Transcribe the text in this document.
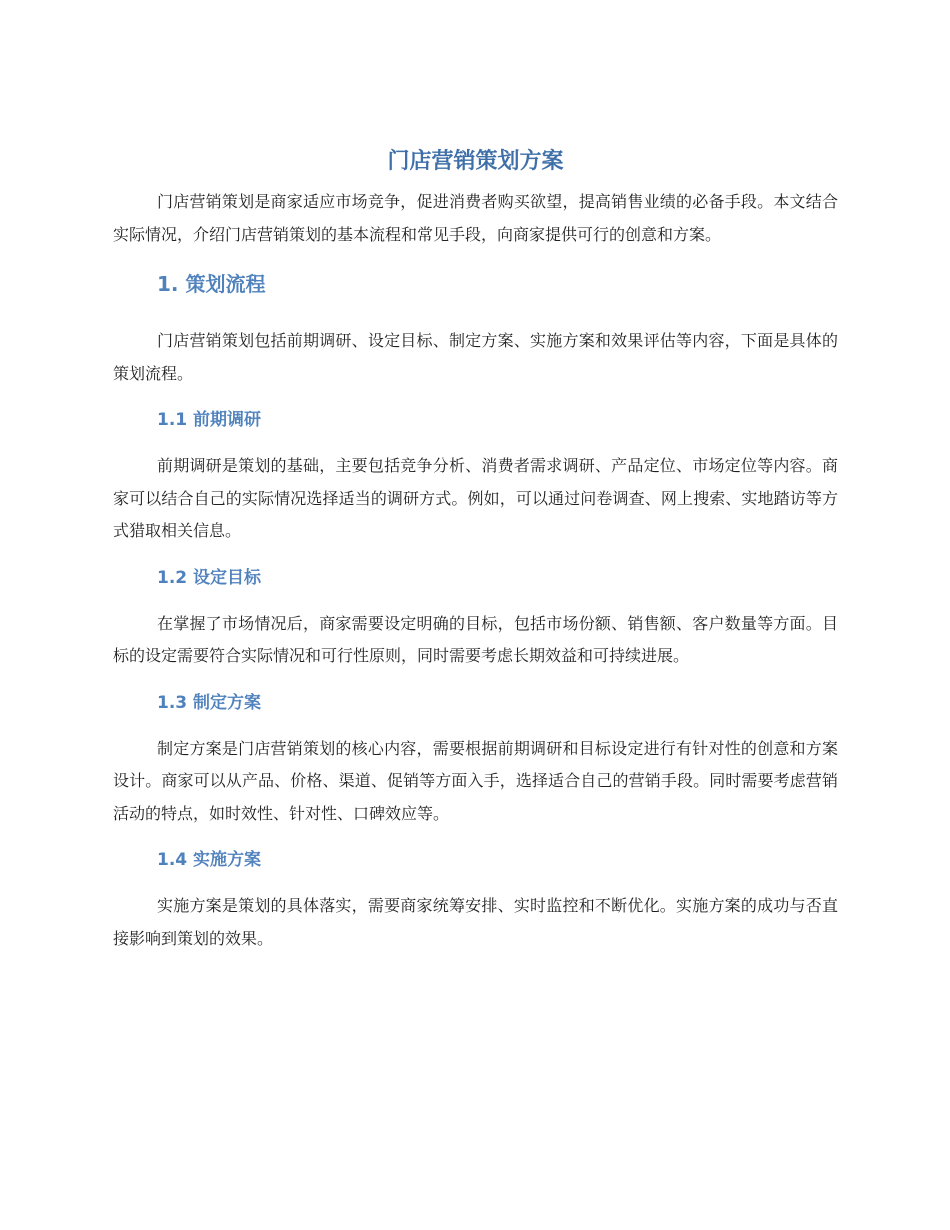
门店营销策划方案

门店营销策划是商家适应市场竞争，促进消费者购买欲望，提高销售业绩的必备手段。本文结合实际情况，介绍门店营销策划的基本流程和常见手段，向商家提供可行的创意和方案。

1. 策划流程

门店营销策划包括前期调研、设定目标、制定方案、实施方案和效果评估等内容，下面是具体的策划流程。

1.1 前期调研

前期调研是策划的基础，主要包括竞争分析、消费者需求调研、产品定位、市场定位等内容。商家可以结合自己的实际情况选择适当的调研方式。例如，可以通过问卷调查、网上搜索、实地踏访等方式猎取相关信息。

1.2 设定目标

在掌握了市场情况后，商家需要设定明确的目标，包括市场份额、销售额、客户数量等方面。目标的设定需要符合实际情况和可行性原则，同时需要考虑长期效益和可持续进展。

1.3 制定方案

制定方案是门店营销策划的核心内容，需要根据前期调研和目标设定进行有针对性的创意和方案设计。商家可以从产品、价格、渠道、促销等方面入手，选择适合自己的营销手段。同时需要考虑营销活动的特点，如时效性、针对性、口碑效应等。

1.4 实施方案

实施方案是策划的具体落实，需要商家统筹安排、实时监控和不断优化。实施方案的成功与否直接影响到策划的效果。
